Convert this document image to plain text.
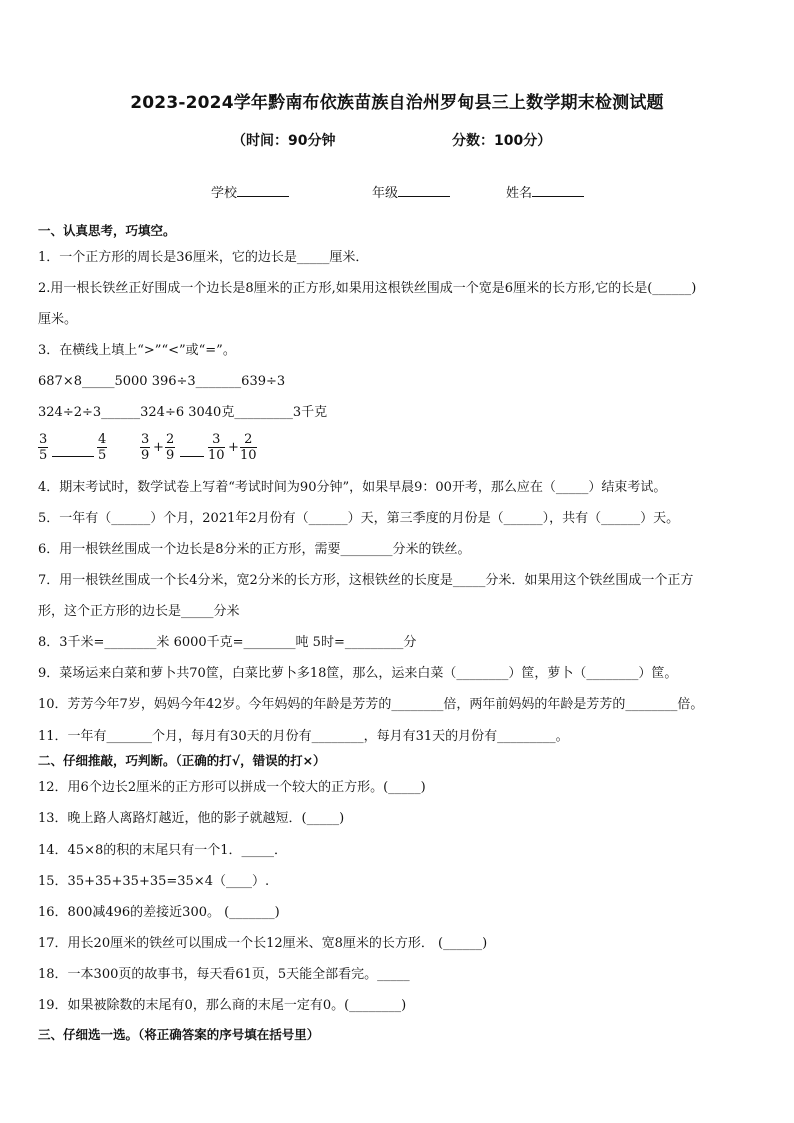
2023-2024学年黔南布依族苗族自治州罗甸县三上数学期末检测试题
（时间：90分钟	分数：100分）
学校	年级	姓名
一、认真思考，巧填空。
1．一个正方形的周长是36厘米，它的边长是_____厘米．
2.用一根长铁丝正好围成一个边长是8厘米的正方形,如果用这根铁丝围成一个宽是6厘米的长方形,它的长是(______)
厘米。
3．在横线上填上“>”“<”或“=”。
687×8_____5000 396÷3_______639÷3
324÷2÷3______324÷6 3040克_________3千克
$\frac{3}{5}$	$\frac{4}{5}$	$\frac{3}{9} + \frac{2}{9}$	$\frac{3}{10} + \frac{2}{10}$
4．期末考试时，数学试卷上写着“考试时间为90分钟”，如果早晨9：00开考，那么应在（_____）结束考试。
5．一年有（______）个月，2021年2月份有（______）天，第三季度的月份是（______），共有（______）天。
6．用一根铁丝围成一个边长是8分米的正方形，需要________分米的铁丝。
7．用一根铁丝围成一个长4分米，宽2分米的长方形，这根铁丝的长度是_____分米．如果用这个铁丝围成一个正方
形，这个正方形的边长是_____分米
8．3千米=________米 6000千克=________吨 5时=_________分
9．菜场运来白菜和萝卜共70筐，白菜比萝卜多18筐，那么，运来白菜（________）筐，萝卜（________）筐。
10．芳芳今年7岁，妈妈今年42岁。今年妈妈的年龄是芳芳的________倍，两年前妈妈的年龄是芳芳的________倍。
11．一年有_______个月，每月有30天的月份有________，每月有31天的月份有_________。
二、仔细推敲，巧判断。（正确的打√，错误的打×）
12．用6个边长2厘米的正方形可以拼成一个较大的正方形。(_____)
13．晚上路人离路灯越近，他的影子就越短．(_____)
14．45×8的积的末尾只有一个1．_____．
15．35+35+35+35=35×4（____）.
16．800减496的差接近300。 (_______)
17．用长20厘米的铁丝可以围成一个长12厘米、宽8厘米的长方形． (______)
18．一本300页的故事书，每天看61页，5天能全部看完。_____
19．如果被除数的末尾有0，那么商的末尾一定有0。(________)
三、仔细选一选。（将正确答案的序号填在括号里）
